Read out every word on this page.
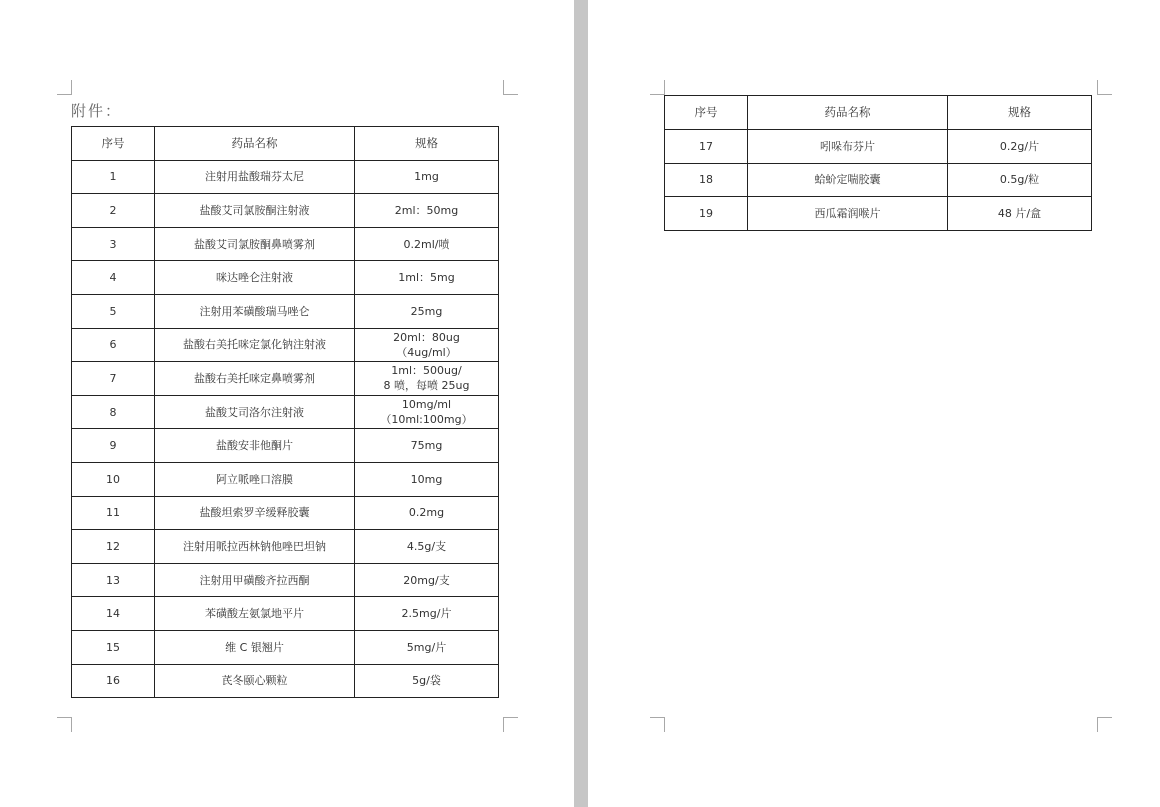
附件：
序号	药品名称	规格
1	注射用盐酸瑞芬太尼	1mg

2	盐酸艾司氯胺酮注射液	2ml：50mg

3	盐酸艾司氯胺酮鼻喷雾剂	0.2ml/喷

4	咪达唑仑注射液	1ml：5mg

5	注射用苯磺酸瑞马唑仑	25mg

6	盐酸右美托咪定氯化钠注射液	20ml：80ug
（4ug/ml）

7	盐酸右美托咪定鼻喷雾剂	1ml：500ug/
8 喷，每喷 25ug

8	盐酸艾司洛尔注射液	10mg/ml
（10ml:100mg）

9	盐酸安非他酮片	75mg

10	阿立哌唑口溶膜	10mg

11	盐酸坦索罗辛缓释胶囊	0.2mg

12	注射用哌拉西林钠他唑巴坦钠	4.5g/支

13	注射用甲磺酸齐拉西酮	20mg/支

14	苯磺酸左氨氯地平片	2.5mg/片

15	维 C 银翘片	5mg/片

16	芪冬颐心颗粒	5g/袋
序号	药品名称	规格
17	吲哚布芬片	0.2g/片

18	蛤蚧定喘胶囊	0.5g/粒

19	西瓜霜润喉片	48 片/盒
